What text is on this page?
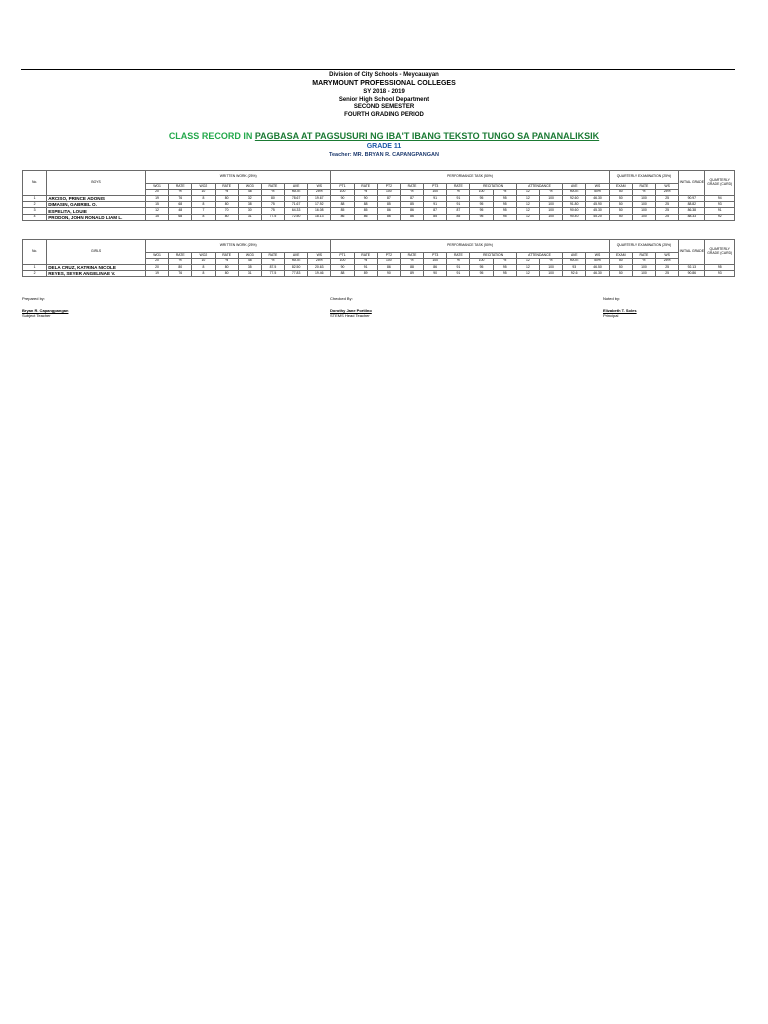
Division of City Schools - Meycauayan
MARYMOUNT PROFESSIONAL COLLEGES
SY 2018 - 2019
Senior High School Department
SECOND SEMESTER
FOURTH GRADING PERIOD
CLASS RECORD IN PAGBASA AT PAGSUSURI NG IBA'T IBANG TEKSTO TUNGO SA PANANALIKSIK
GRADE 11
Teacher: MR. BRYAN R. CAPANGPANGAN
No.	BOYS	WRITTEN WORK (25%)								PERFORMANCE TASK (50%)												QUARTERLY EXAMINATION (25%)			INITIAL GRADE	QUARTERLY GRADE (CARD)
		WO1	RATE	WO2	RATE	WO3	RATE	AVE	WS	PT1	RATE	PT2	RATE	PT3	RATE	RECITATION		ATTENDANCE		AVE	WS	EXAM	RATE	WS		
		20	%	10	%	48	%	RATE	25%	100	%	100	%	100	%	100	%	12	%	RATE	50%	50	%	25%		
1	ARCISO, PRINCE ADONIS	19	76	8	80	32	80	78.67	19.67	90	90	87	87	91	91	95	95	12	100	92.60	46.30	50	100	25	90.97	94
2	DIMASIN, GABRIEL O.	15	68	8	80	38	75	71.67	17.92	88	88	85	85	91	91	95	95	12	100	91.80	45.90	50	100	25	88.82	93
3	ESPELITA, LOUIE	12	48	7	70	30	75	64.33	16.08	85	85	86	86	87	87	95	95	12	100	90.60	45.30	50	100	25	86.38	91
4	PRODON, JOHN RONALD LIAM L.	15	68	8	80	31	77.5	72.50	18.13	86	86	86	86	85	85	95	95	12	100	90.40	45.20	50	100	25	88.33	92
No.	GIRLS	WRITTEN WORK (25%)								PERFORMANCE TASK (50%)												QUARTERLY EXAMINATION (25%)			INITIAL GRADE	QUARTERLY GRADE (CARD)
		WO1	RATE	WO2	RATE	WO3	RATE	AVE	WS	PT1	RATE	PT2	RATE	PT3	RATE	RECITATION		ATTENDANCE		AVE	WS	EXAM	RATE	WS		
		20	%	10	%	48	%	RATE	25%	100	%	100	%	100	%	100	%	12	%	RATE	50%	50	%	25%		
1	DELA CRUZ, KATRINA NICOLE	20	80	8	80	35	87.5	82.50	20.63	90	91	86	88	86	91	95	95	12	100	93	46.50	50	100	25	92.13	95
2	REYES, SEYER ANGELINAE V.	19	76	8	80	31	77.5	77.83	19.46	88	89	90	89	90	91	95	95	12	100	92.6	46.30	50	100	25	90.86	93
Prepared by:
Bryan R. Capangpangan
Subject Teacher
Checked By:
Dorothy Jane Portilno
STEMS Head Teacher
Noted by:
Elizabeth T. Soles
Principal
